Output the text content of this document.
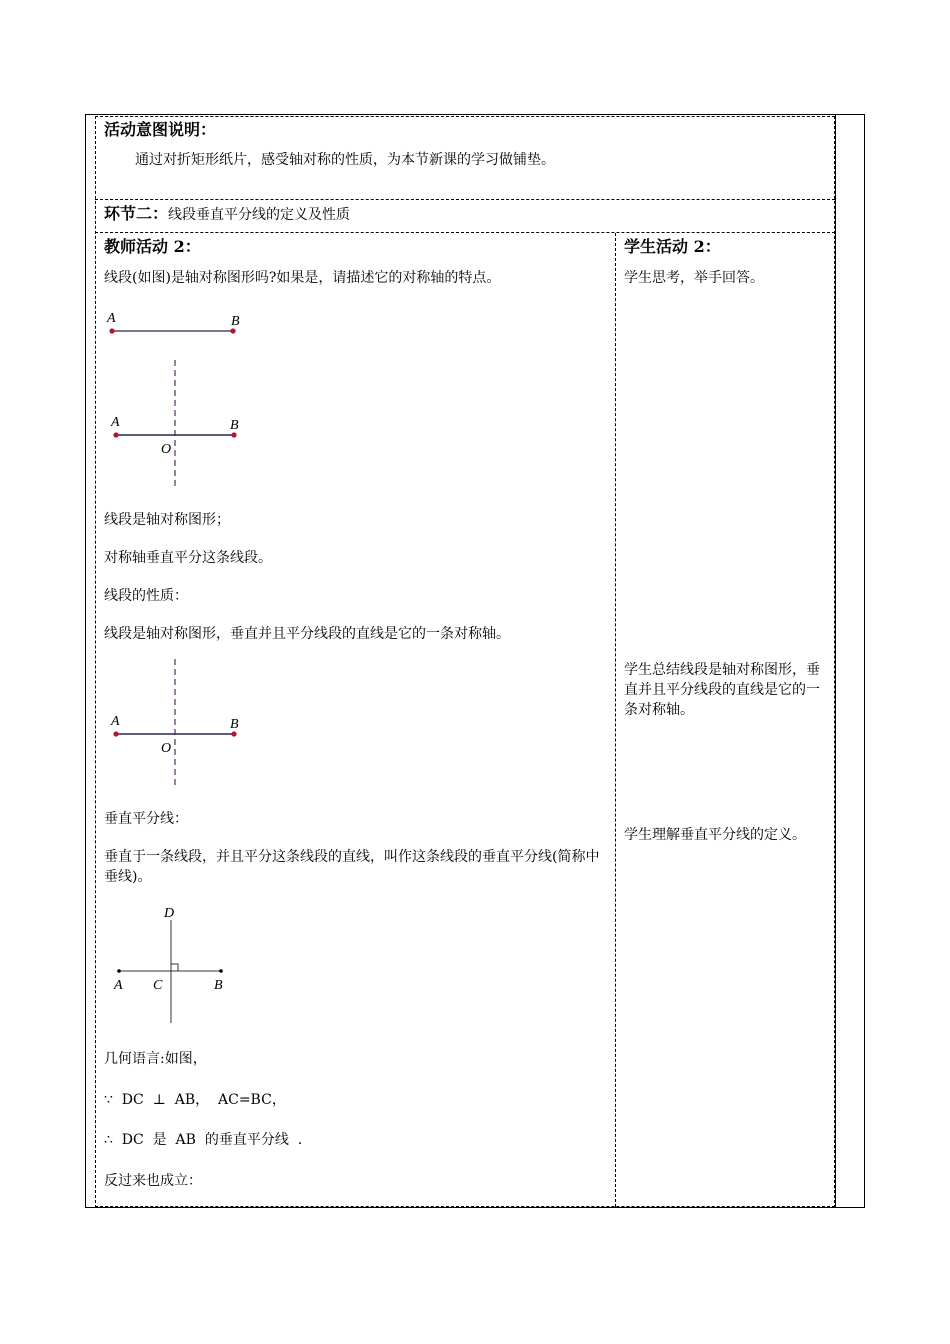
活动意图说明：
通过对折矩形纸片，感受轴对称的性质，为本节新课的学习做铺垫。
环节二：线段垂直平分线的定义及性质
教师活动 2：
线段(如图)是轴对称图形吗?如果是，请描述它的对称轴的特点。
A	B
A	B
O
线段是轴对称图形；
对称轴垂直平分这条线段。
线段的性质：
线段是轴对称图形，垂直并且平分线段的直线是它的一条对称轴。
A	B
O
垂直平分线：
垂直于一条线段，并且平分这条线段的直线，叫作这条线段的垂直平分线(简称中垂线)。
A C	B
D
几何语言:如图，
∵  DC  ⊥  AB，  AC=BC，
∴  DC  是  AB  的垂直平分线  .
反过来也成立：
学生活动 2：
学生思考，举手回答。
学生总结线段是轴对称图形，垂直并且平分线段的直线是它的一条对称轴。
学生理解垂直平分线的定义。
